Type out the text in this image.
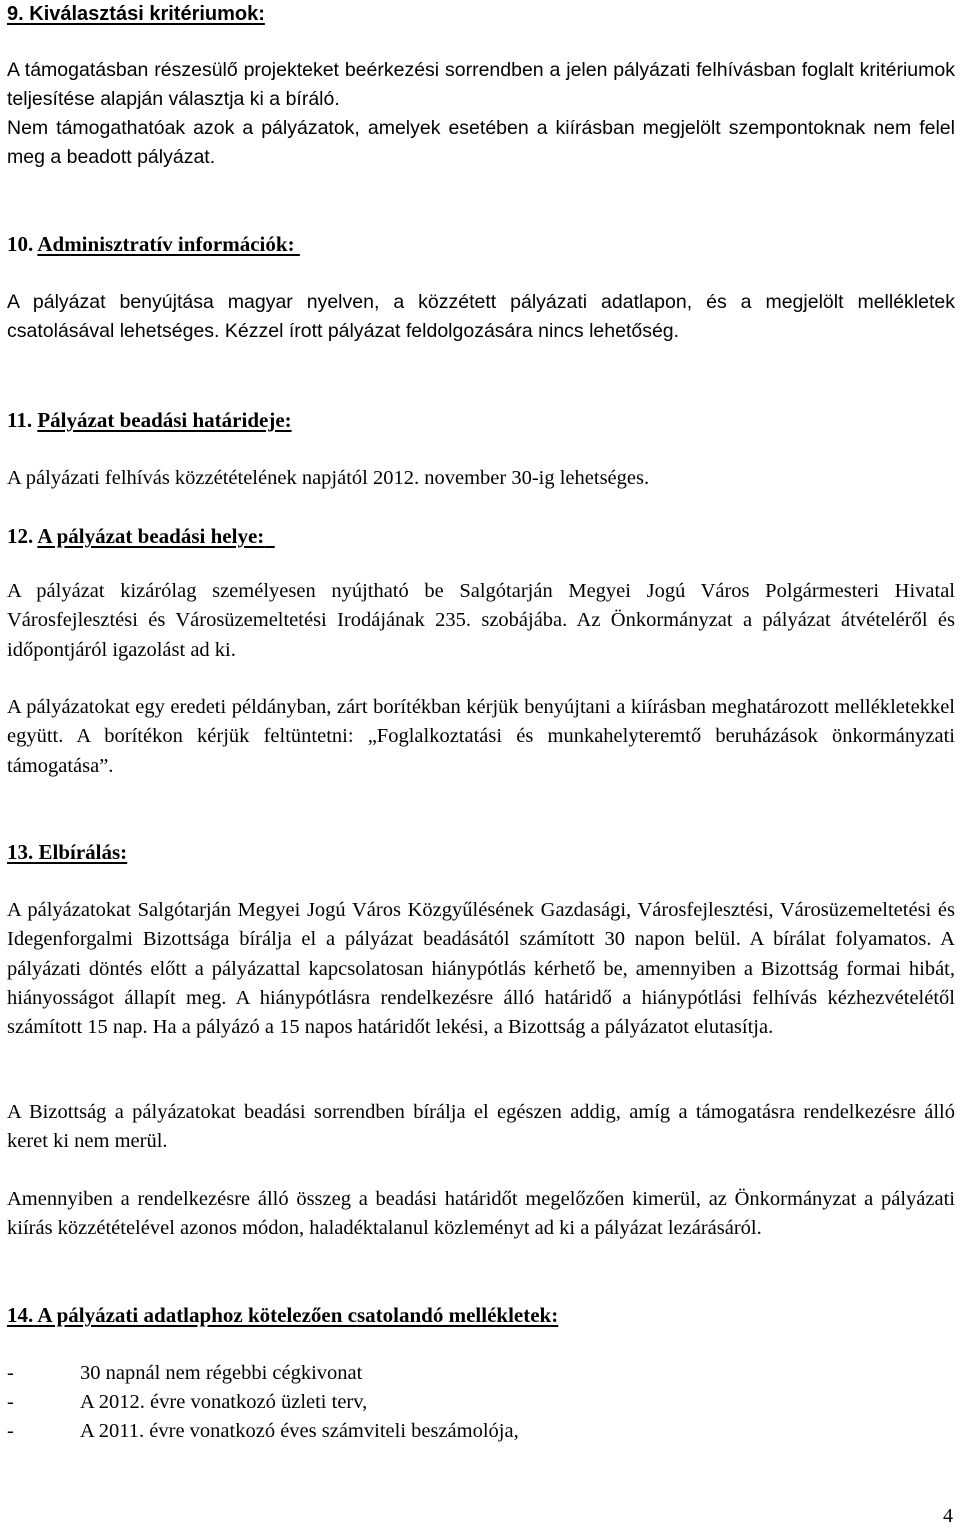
9. Kiválasztási kritériumok:

A támogatásban részesülő projekteket beérkezési sorrendben a jelen pályázati felhívásban foglalt kritériumok teljesítése alapján választja ki a bíráló.

Nem támogathatóak azok a pályázatok, amelyek esetében a kiírásban megjelölt szempontoknak nem felel meg a beadott pályázat.

10. Adminisztratív információk:

A pályázat benyújtása magyar nyelven, a közzétett pályázati adatlapon, és a megjelölt mellékletek csatolásával lehetséges. Kézzel írott pályázat feldolgozására nincs lehetőség.

11. Pályázat beadási határideje:

A pályázati felhívás közzétételének napjától 2012. november 30-ig lehetséges.

12. A pályázat beadási helye:

A pályázat kizárólag személyesen nyújtható be Salgótarján Megyei Jogú Város Polgármesteri Hivatal Városfejlesztési és Városüzemeltetési Irodájának 235. szobájába. Az Önkormányzat a pályázat átvételéről és időpontjáról igazolást ad ki.

A pályázatokat egy eredeti példányban, zárt borítékban kérjük benyújtani a kiírásban meghatározott mellékletekkel együtt. A borítékon kérjük feltüntetni: „Foglalkoztatási és munkahelyteremtő beruházások önkormányzati támogatása”.

13. Elbírálás:

A pályázatokat Salgótarján Megyei Jogú Város Közgyűlésének Gazdasági, Városfejlesztési, Városüzemeltetési és Idegenforgalmi Bizottsága bírálja el a pályázat beadásától számított 30 napon belül. A bírálat folyamatos. A pályázati döntés előtt a pályázattal kapcsolatosan hiánypótlás kérhető be, amennyiben a Bizottság formai hibát, hiányosságot állapít meg. A hiánypótlásra rendelkezésre álló határidő a hiánypótlási felhívás kézhezvételétől számított 15 nap. Ha a pályázó a 15 napos határidőt lekési, a Bizottság a pályázatot elutasítja.

A Bizottság a pályázatokat beadási sorrendben bírálja el egészen addig, amíg a támogatásra rendelkezésre álló keret ki nem merül.

Amennyiben a rendelkezésre álló összeg a beadási határidőt megelőzően kimerül, az Önkormányzat a pályázati kiírás közzétételével azonos módon, haladéktalanul közleményt ad ki a pályázat lezárásáról.

14. A pályázati adatlaphoz kötelezően csatolandó mellékletek:
-	30 napnál nem régebbi cégkivonat
-	A 2012. évre vonatkozó üzleti terv,
-	A 2011. évre vonatkozó éves számviteli beszámolója,
4
